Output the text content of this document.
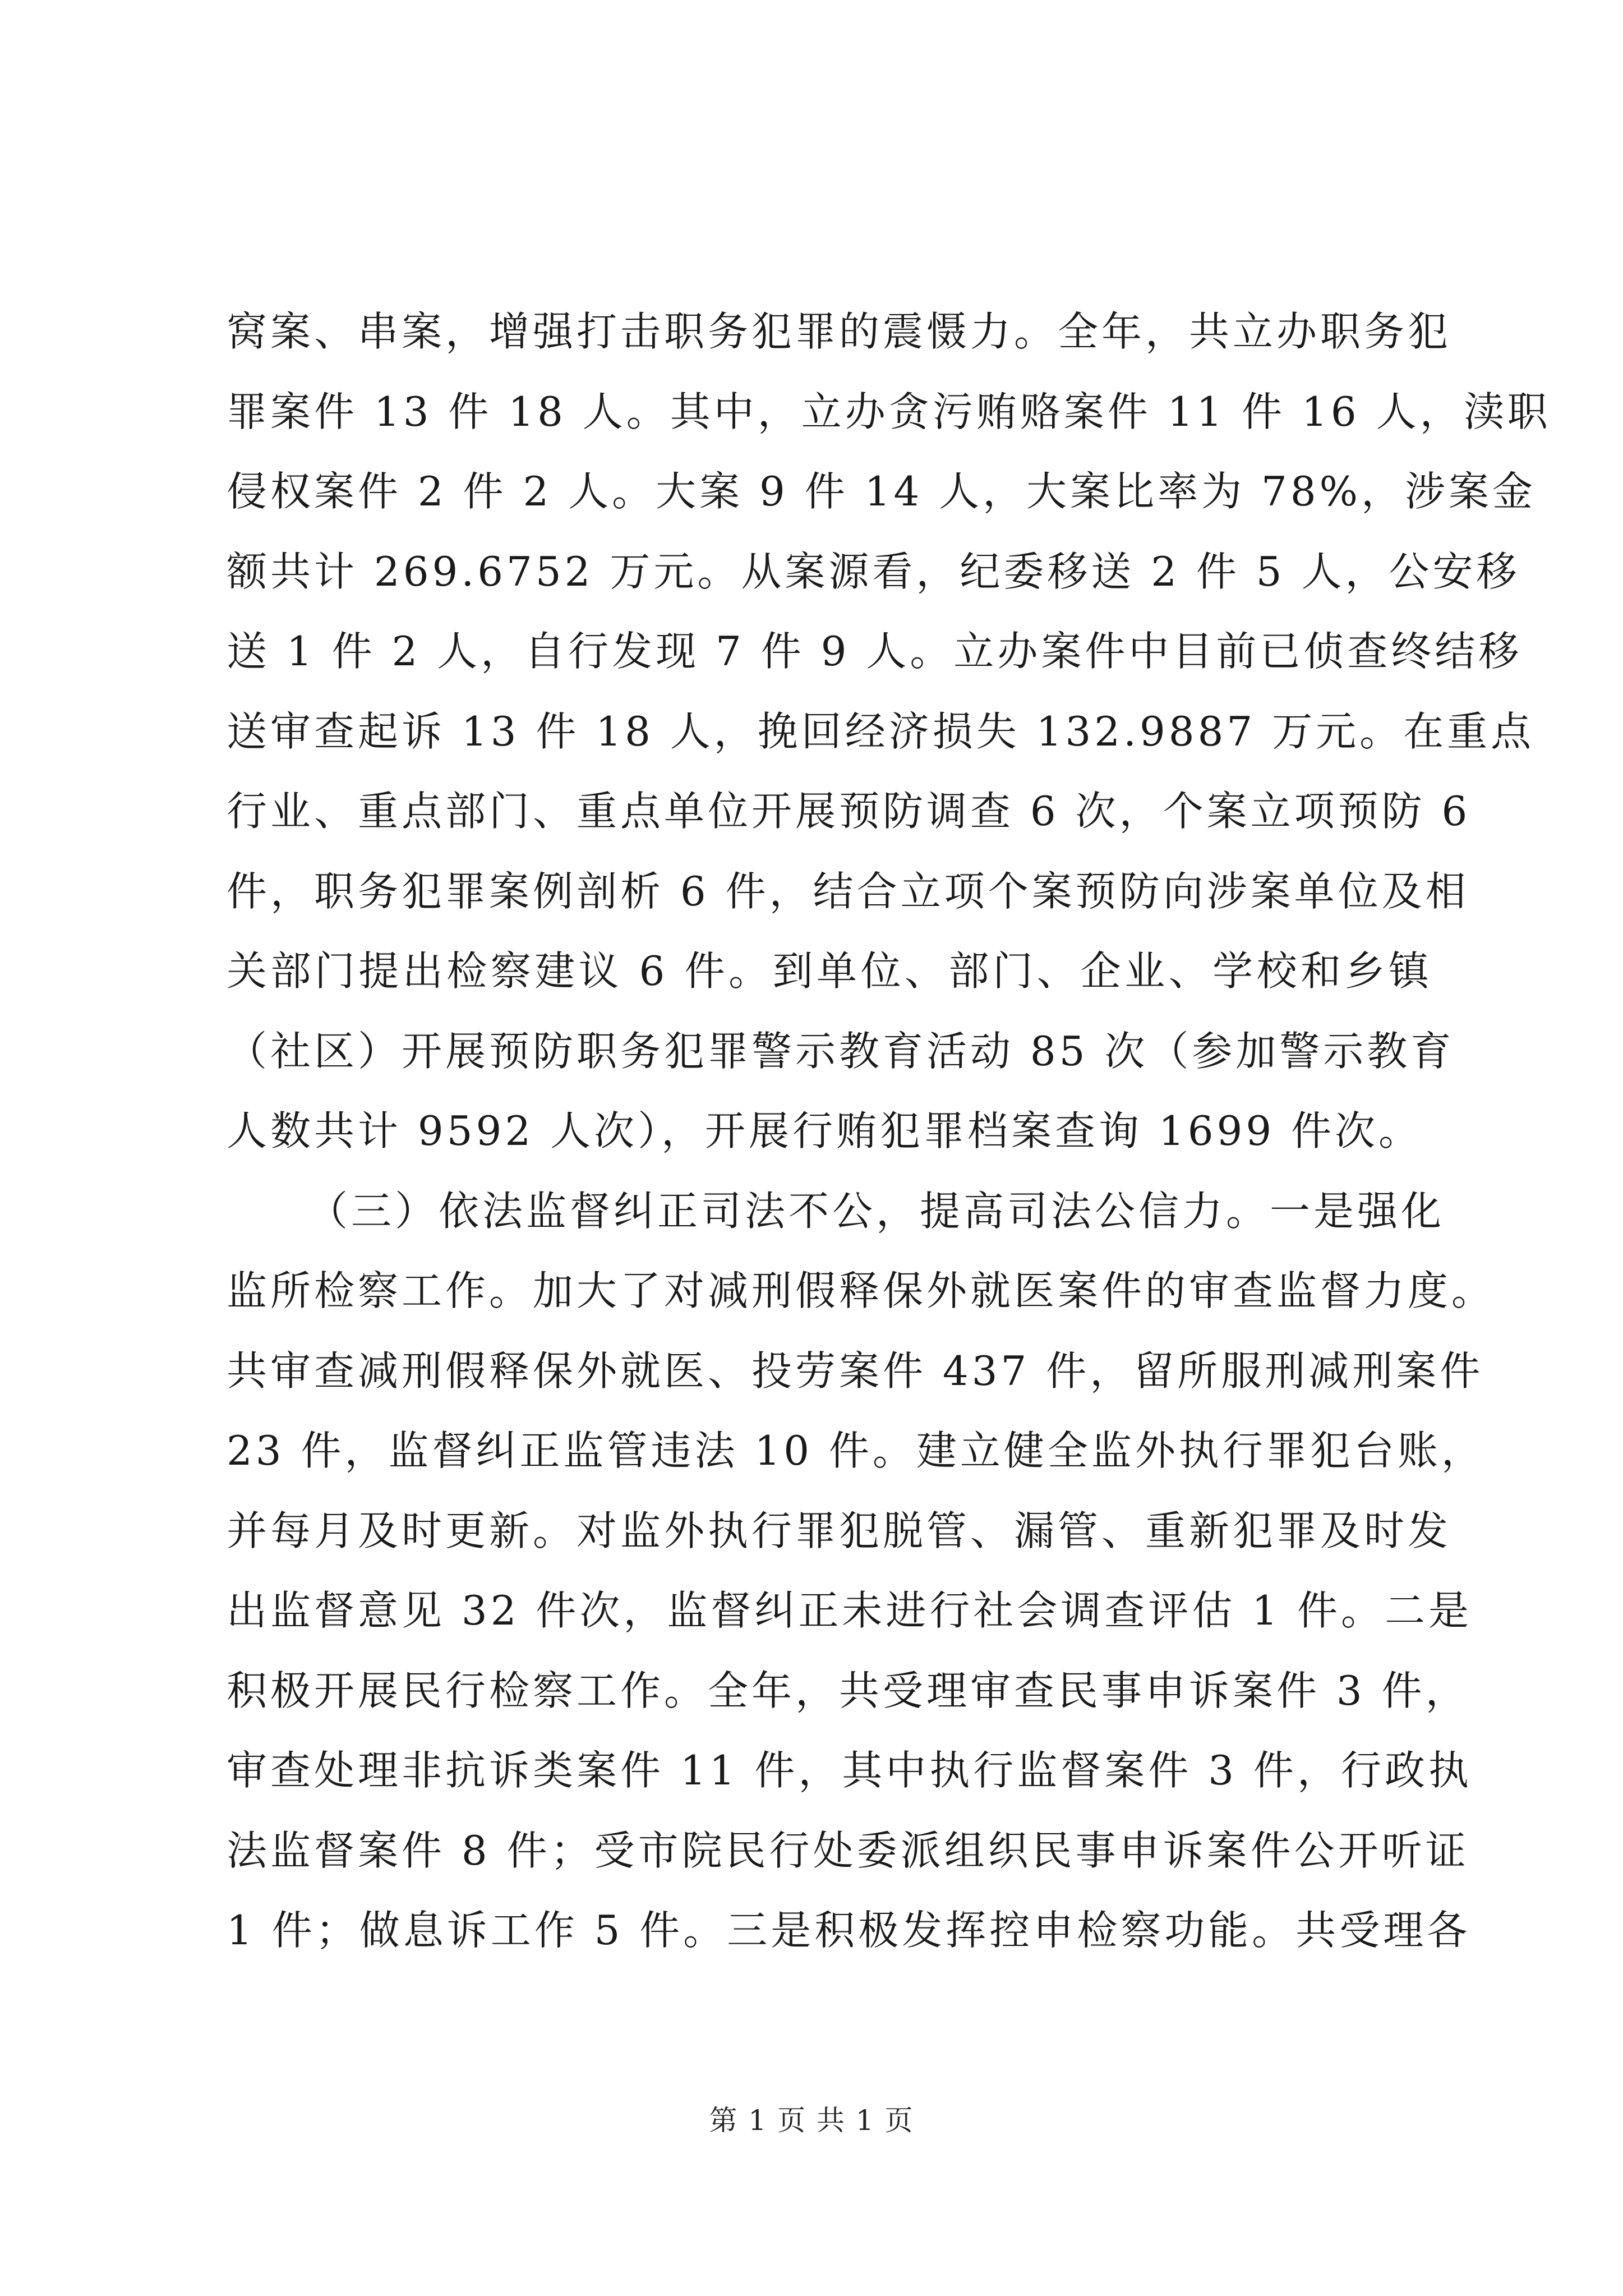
窝案、串案，增强打击职务犯罪的震慑力。全年，共立办职务犯
罪案件 13 件 18 人。其中，立办贪污贿赂案件 11 件 16 人，渎职
侵权案件 2 件 2 人。大案 9 件 14 人，大案比率为 78%，涉案金
额共计 269.6752 万元。从案源看，纪委移送 2 件 5 人，公安移
送 1 件 2 人，自行发现 7 件 9 人。立办案件中目前已侦查终结移
送审查起诉 13 件 18 人，挽回经济损失 132.9887 万元。在重点
行业、重点部门、重点单位开展预防调查 6 次，个案立项预防 6
件，职务犯罪案例剖析 6 件，结合立项个案预防向涉案单位及相
关部门提出检察建议 6 件。到单位、部门、企业、学校和乡镇
（社区）开展预防职务犯罪警示教育活动 85 次（参加警示教育
人数共计 9592 人次），开展行贿犯罪档案查询 1699 件次。
（三）依法监督纠正司法不公，提高司法公信力。一是强化
监所检察工作。加大了对减刑假释保外就医案件的审查监督力度。
共审查减刑假释保外就医、投劳案件 437 件，留所服刑减刑案件
23 件，监督纠正监管违法 10 件。建立健全监外执行罪犯台账，
并每月及时更新。对监外执行罪犯脱管、漏管、重新犯罪及时发
出监督意见 32 件次，监督纠正未进行社会调查评估 1 件。二是
积极开展民行检察工作。全年，共受理审查民事申诉案件 3 件，
审查处理非抗诉类案件 11 件，其中执行监督案件 3 件，行政执
法监督案件 8 件；受市院民行处委派组织民事申诉案件公开听证
1 件；做息诉工作 5 件。三是积极发挥控申检察功能。共受理各
第 1 页 共 1 页
